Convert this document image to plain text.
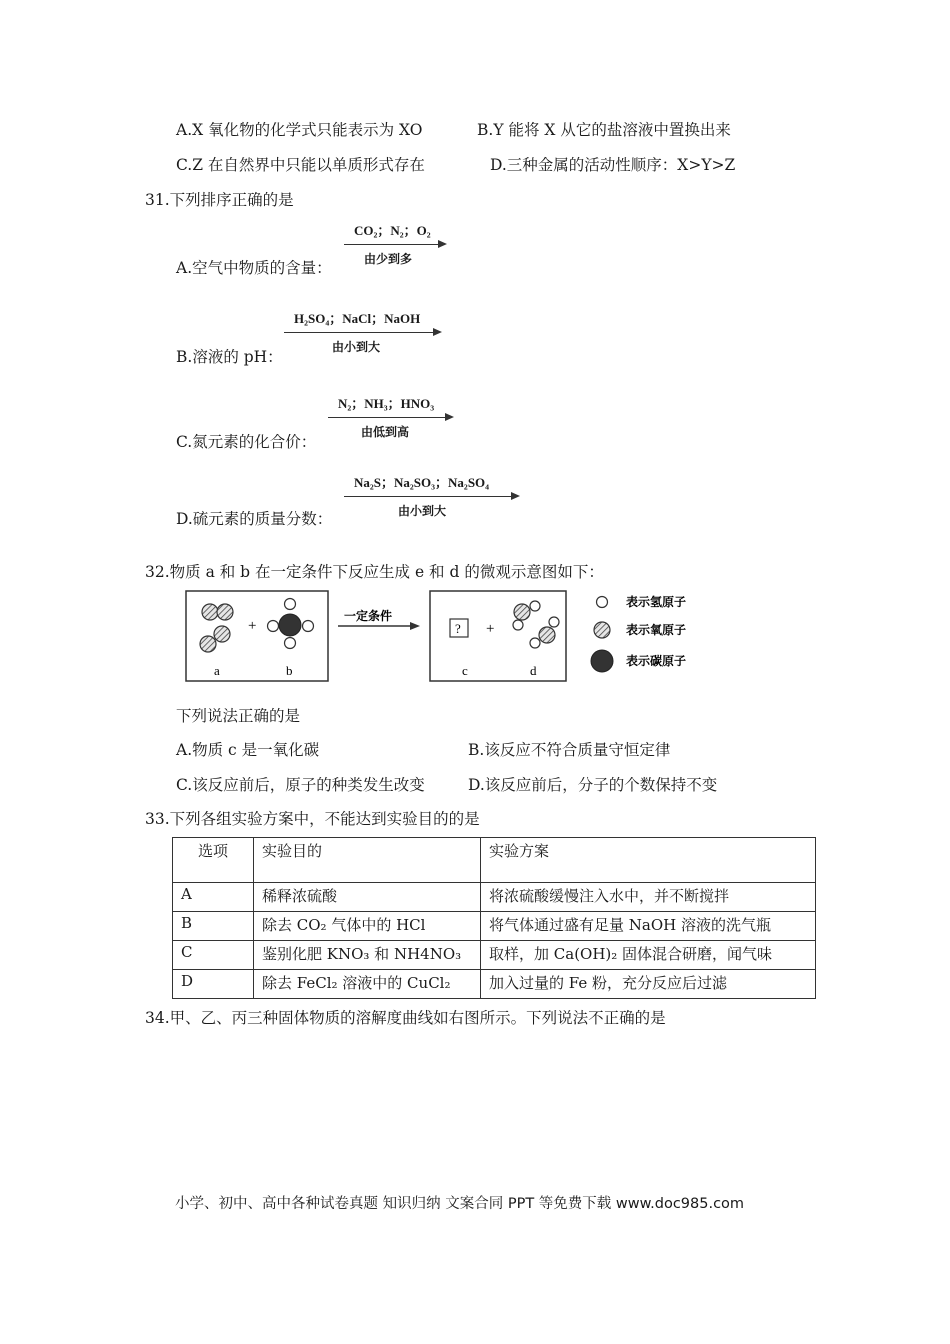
A.X 氧化物的化学式只能表示为 XO	B.Y 能将 X 从它的盐溶液中置换出来
C.Z 在自然界中只能以单质形式存在	D.三种金属的活动性顺序：X>Y>Z
31.下列排序正确的是
A.空气中物质的含量：
CO₂；N₂；O₂
由少到多
B.溶液的 pH：
H₂SO₄；NaCl；NaOH
由小到大
C.氮元素的化合价：
N₂；NH₃；HNO₃
由低到高
D.硫元素的质量分数：
Na₂S；Na₂SO₃；Na₂SO₄
由小到大
32.物质 a 和 b 在一定条件下反应生成 e 和 d 的微观示意图如下：
a
+
b
一定条件
? +
c	d
表示氢原子
表示氧原子
表示碳原子
下列说法正确的是
A.物质 c 是一氧化碳	B.该反应不符合质量守恒定律
C.该反应前后，原子的种类发生改变	D.该反应前后，分子的个数保持不变
33.下列各组实验方案中，不能达到实验目的的是
选项	实验目的	实验方案
A	稀释浓硫酸	将浓硫酸缓慢注入水中，并不断搅拌
B	除去 CO₂ 气体中的 HCl	将气体通过盛有足量 NaOH 溶液的洗气瓶
C	鉴别化肥 KNO₃ 和 NH4NO₃	取样，加 Ca(OH)₂ 固体混合研磨，闻气味
D	除去 FeCl₂ 溶液中的 CuCl₂	加入过量的 Fe 粉，充分反应后过滤
34.甲、乙、丙三种固体物质的溶解度曲线如右图所示。下列说法不正确的是
小学、初中、高中各种试卷真题 知识归纳 文案合同 PPT 等免费下载 www.doc985.com
